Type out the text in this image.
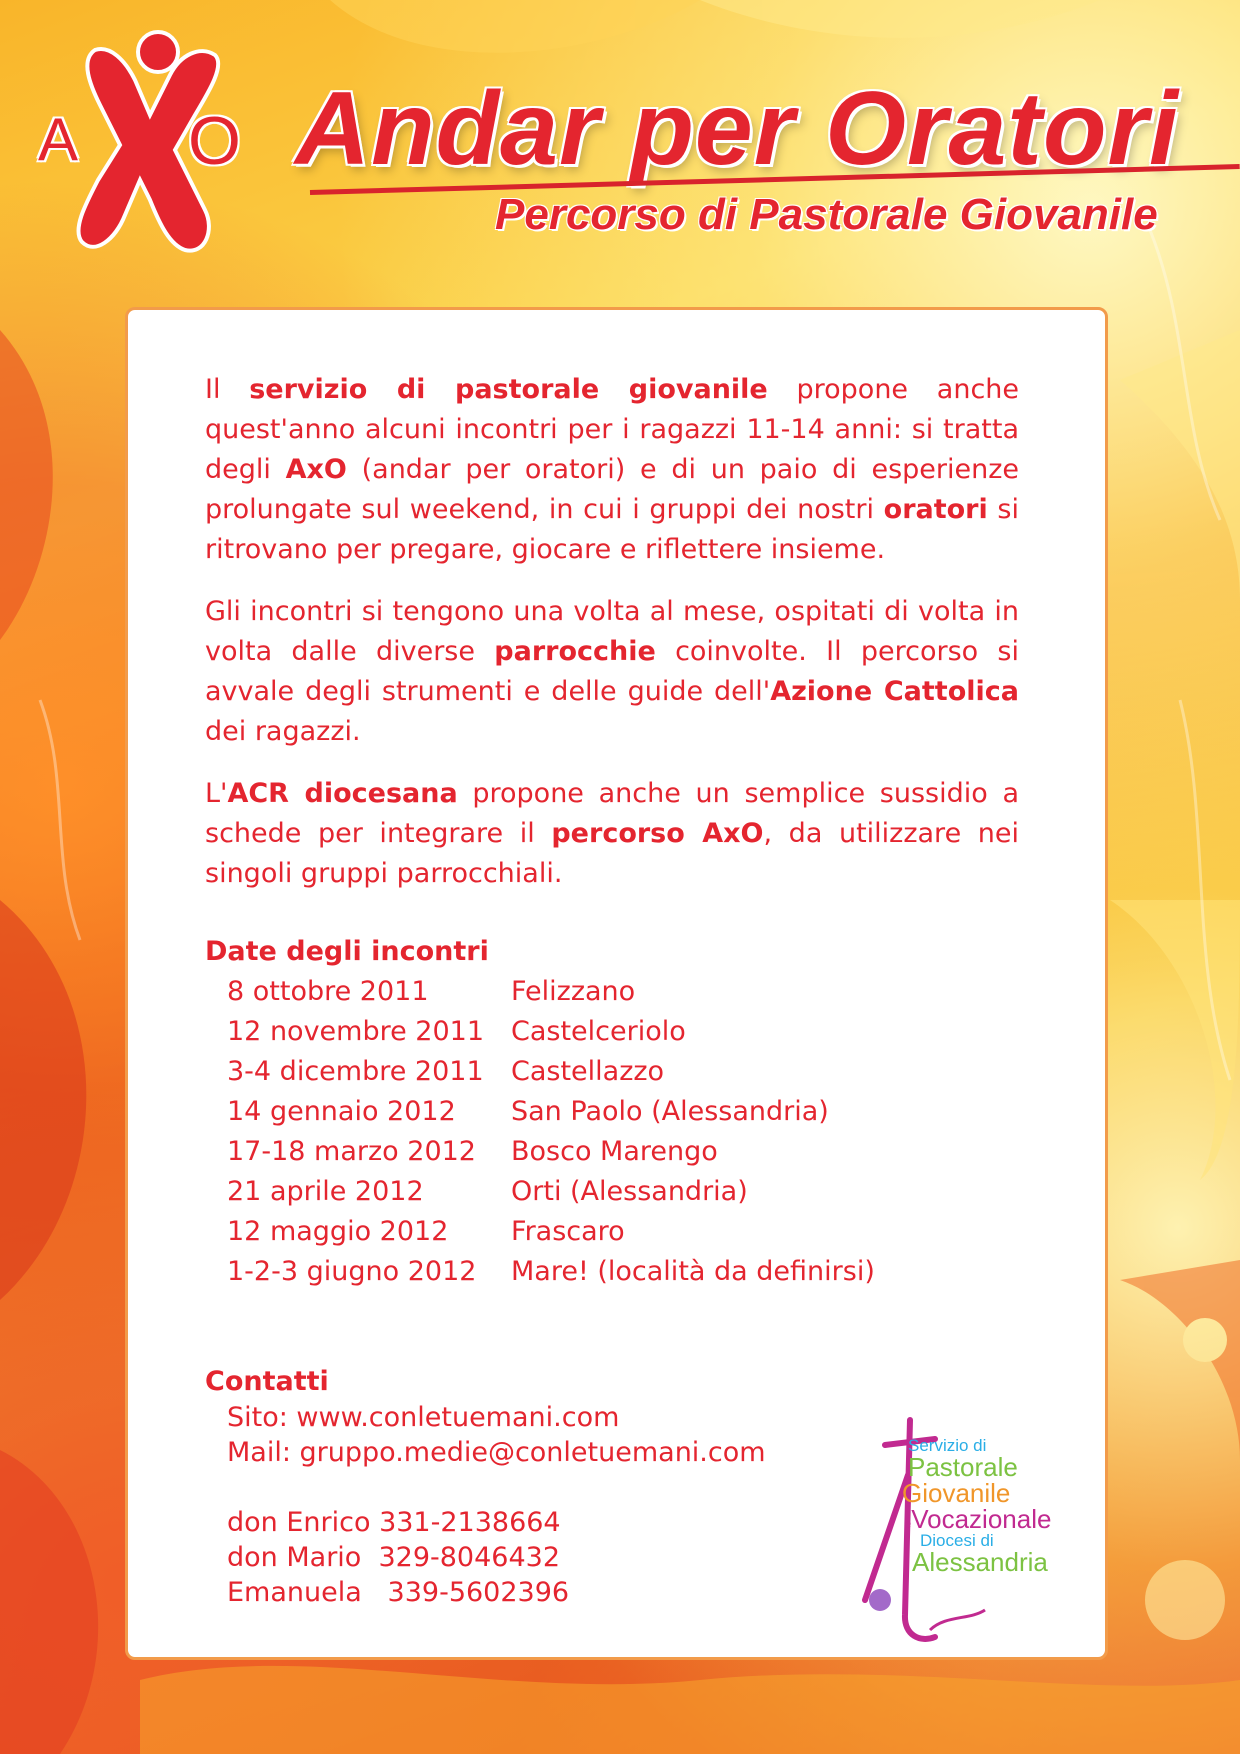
A O Andar per Oratori
Percorso di Pastorale Giovanile

Il servizio di pastorale giovanile propone anche quest'anno alcuni incontri per i ragazzi 11-14 anni: si tratta degli AxO (andar per oratori) e di un paio di esperienze prolungate sul weekend, in cui i gruppi dei nostri oratori si ritrovano per pregare, giocare e riflettere insieme.

Gli incontri si tengono una volta al mese, ospitati di volta in volta dalle diverse parrocchie coinvolte. Il percorso si avvale degli strumenti e delle guide dell'Azione Cattolica dei ragazzi.

L'ACR diocesana propone anche un semplice sussidio a schede per integrare il percorso AxO, da utilizzare nei singoli gruppi parrocchiali.

Date degli incontri
8 ottobre 2011	Felizzano
12 novembre 2011 Castelceriolo
3-4 dicembre 2011	Castellazzo
14 gennaio 2012	San Paolo (Alessandria)
17-18 marzo 2012	Bosco Marengo
21 aprile 2012	Orti (Alessandria)
12 maggio 2012	Frascaro
1-2-3 giugno 2012	Mare! (località da definirsi)
Contatti
Sito: www.conletuemani.com
Mail: gruppo.medie@conletuemani.com
don Enrico 331-2138664
don Mario  329-8046432
Emanuela   339-5602396
Servizio di
Pastorale
Giovanile
eVocazionale
Diocesi di
Alessandria
